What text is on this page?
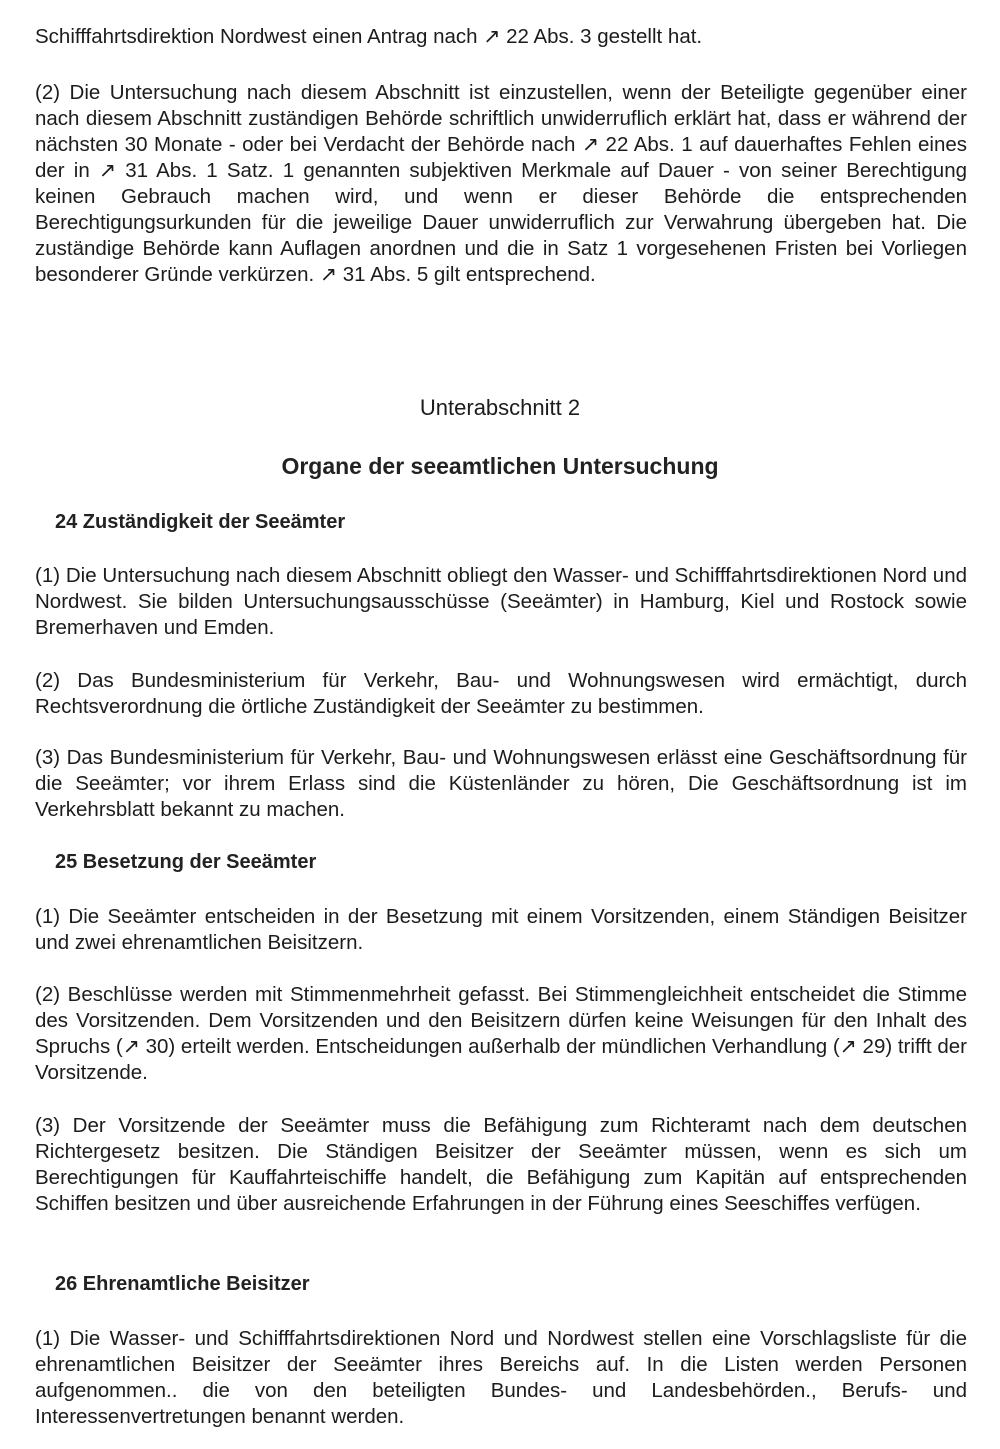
Schifffahrtsdirektion Nordwest einen Antrag nach ↗ 22 Abs. 3 gestellt hat.

(2) Die Untersuchung nach diesem Abschnitt ist einzustellen, wenn der Beteiligte gegenüber einer nach diesem Abschnitt zuständigen Behörde schriftlich unwiderruflich erklärt hat, dass er während der nächsten 30 Monate - oder bei Verdacht der Behörde nach ↗ 22 Abs. 1 auf dauerhaftes Fehlen eines der in ↗ 31 Abs. 1 Satz. 1 genannten subjektiven Merkmale auf Dauer - von seiner Berechtigung keinen Gebrauch machen wird, und wenn er dieser Behörde die entsprechenden Berechtigungsurkunden für die jeweilige Dauer unwiderruflich zur Verwahrung übergeben hat. Die zuständige Behörde kann Auflagen anordnen und die in Satz 1 vorgesehenen Fristen bei Vorliegen besonderer Gründe verkürzen. ↗ 31 Abs. 5 gilt entsprechend.

Unterabschnitt 2
Organe der seeamtlichen Untersuchung
24 Zuständigkeit der Seeämter

(1) Die Untersuchung nach diesem Abschnitt obliegt den Wasser- und Schifffahrtsdirektionen Nord und Nordwest. Sie bilden Untersuchungsausschüsse (Seeämter) in Hamburg, Kiel und Rostock sowie Bremerhaven und Emden.

(2) Das Bundesministerium für Verkehr, Bau- und Wohnungswesen wird ermächtigt, durch Rechtsverordnung die örtliche Zuständigkeit der Seeämter zu bestimmen.

(3) Das Bundesministerium für Verkehr, Bau- und Wohnungswesen erlässt eine Geschäftsordnung für die Seeämter; vor ihrem Erlass sind die Küstenländer zu hören, Die Geschäftsordnung ist im Verkehrsblatt bekannt zu machen.

25 Besetzung der Seeämter

(1) Die Seeämter entscheiden in der Besetzung mit einem Vorsitzenden, einem Ständigen Beisitzer und zwei ehrenamtlichen Beisitzern.

(2) Beschlüsse werden mit Stimmenmehrheit gefasst. Bei Stimmengleichheit entscheidet die Stimme des Vorsitzenden. Dem Vorsitzenden und den Beisitzern dürfen keine Weisungen für den Inhalt des Spruchs (↗ 30) erteilt werden. Entscheidungen außerhalb der mündlichen Verhandlung (↗ 29) trifft der Vorsitzende.

(3) Der Vorsitzende der Seeämter muss die Befähigung zum Richteramt nach dem deutschen Richtergesetz besitzen. Die Ständigen Beisitzer der Seeämter müssen, wenn es sich um Berechtigungen für Kauffahrteischiffe handelt, die Befähigung zum Kapitän auf entsprechenden Schiffen besitzen und über ausreichende Erfahrungen in der Führung eines Seeschiffes verfügen.

26 Ehrenamtliche Beisitzer

(1) Die Wasser- und Schifffahrtsdirektionen Nord und Nordwest stellen eine Vorschlagsliste für die ehrenamtlichen Beisitzer der Seeämter ihres Bereichs auf. In die Listen werden Personen aufgenommen.. die von den beteiligten Bundes- und Landesbehörden., Berufs- und Interessenvertretungen benannt werden.
